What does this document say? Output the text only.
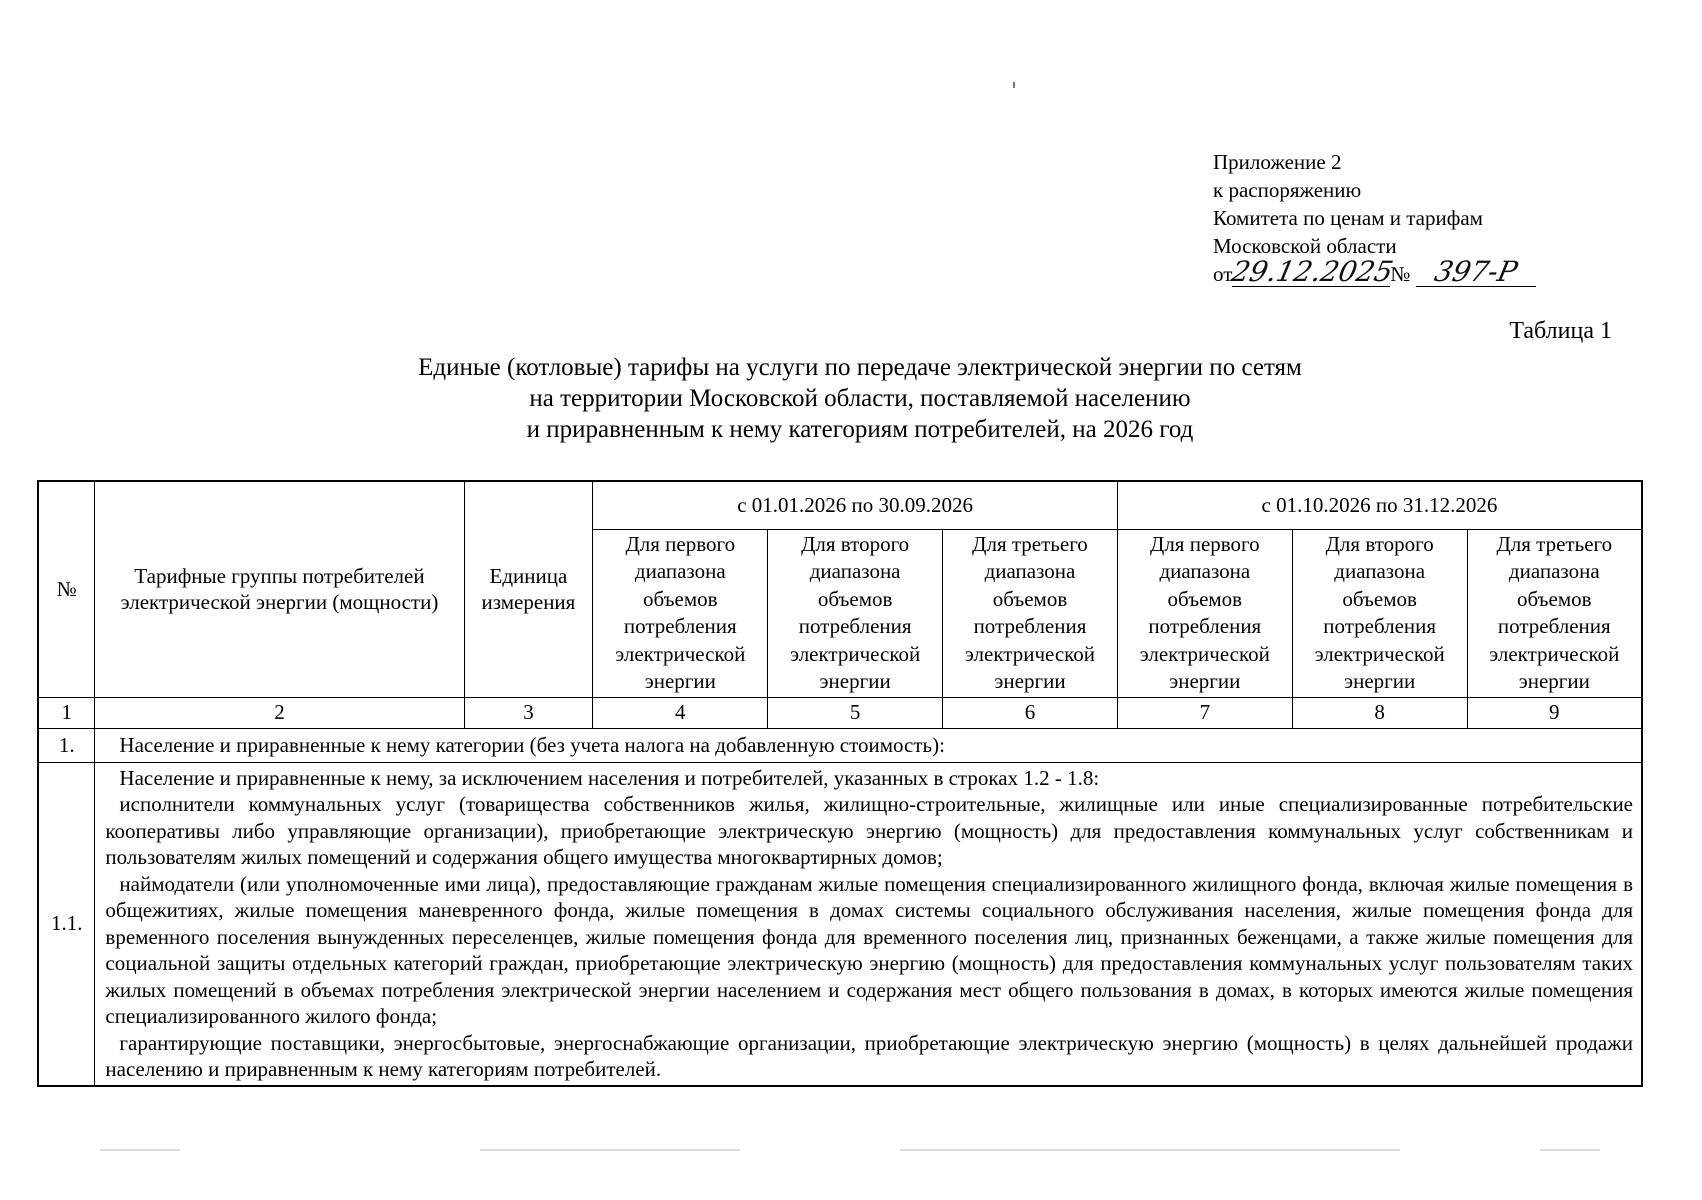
Приложение 2
к распоряжению
Комитета по ценам и тарифам
Московской области
от29.12.2025№ 397-Р
Таблица 1
Единые (котловые) тарифы на услуги по передаче электрической энергии по сетям
на территории Московской области, поставляемой населению
и приравненным к нему категориям потребителей, на 2026 год
№	Тарифные группы потребителей электрической энергии (мощности)	Единица измерения	с 01.01.2026 по 30.09.2026			с 01.10.2026 по 31.12.2026		
			Для первого диапазона объемов потребления электрической энергии	Для второго диапазона объемов потребления электрической энергии	Для третьего диапазона объемов потребления электрической энергии	Для первого диапазона объемов потребления электрической энергии	Для второго диапазона объемов потребления электрической энергии	Для третьего диапазона объемов потребления электрической энергии
1	2	3	4	5	6	7	8	9
1.	Население и приравненные к нему категории (без учета налога на добавленную стоимость):							
1.1.	Население и приравненные к нему, за исключением населения и потребителей, указанных в строках 1.2 - 1.8:

исполнители коммунальных услуг (товарищества собственников жилья, жилищно-строительные, жилищные или иные специализированные потребительские кооперативы либо управляющие организации), приобретающие электрическую энергию (мощность) для предоставления коммунальных услуг собственникам и пользователям жилых помещений и содержания общего имущества многоквартирных домов;

наймодатели (или уполномоченные ими лица), предоставляющие гражданам жилые помещения специализированного жилищного фонда, включая жилые помещения в общежитиях, жилые помещения маневренного фонда, жилые помещения в домах системы социального обслуживания населения, жилые помещения фонда для временного поселения вынужденных переселенцев, жилые помещения фонда для временного поселения лиц, признанных беженцами, а также жилые помещения для социальной защиты отдельных категорий граждан, приобретающие электрическую энергию (мощность) для предоставления коммунальных услуг пользователям таких жилых помещений в объемах потребления электрической энергии населением и содержания мест общего пользования в домах, в которых имеются жилые помещения специализированного жилого фонда;

гарантирующие поставщики, энергосбытовые, энергоснабжающие организации, приобретающие электрическую энергию (мощность) в целях дальнейшей продажи населению и приравненным к нему категориям потребителей.							
